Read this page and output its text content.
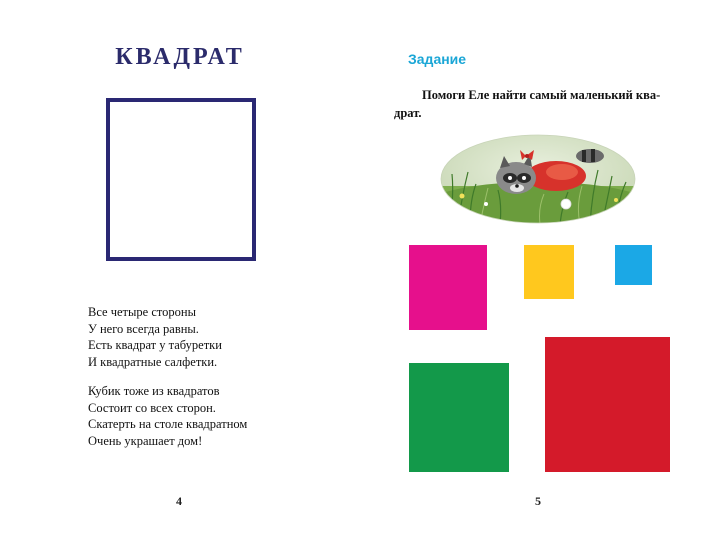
КВАДРАТ
Все четыре стороны
У него всегда равны.
Есть квадрат у табуретки
И квадратные салфетки.
Кубик тоже из квадратов
Состоит со всех сторон.
Скатерть на столе квадратном
Очень украшает дом!
4
Задание
Помоги Еле найти самый маленький ква-
драт.
5
